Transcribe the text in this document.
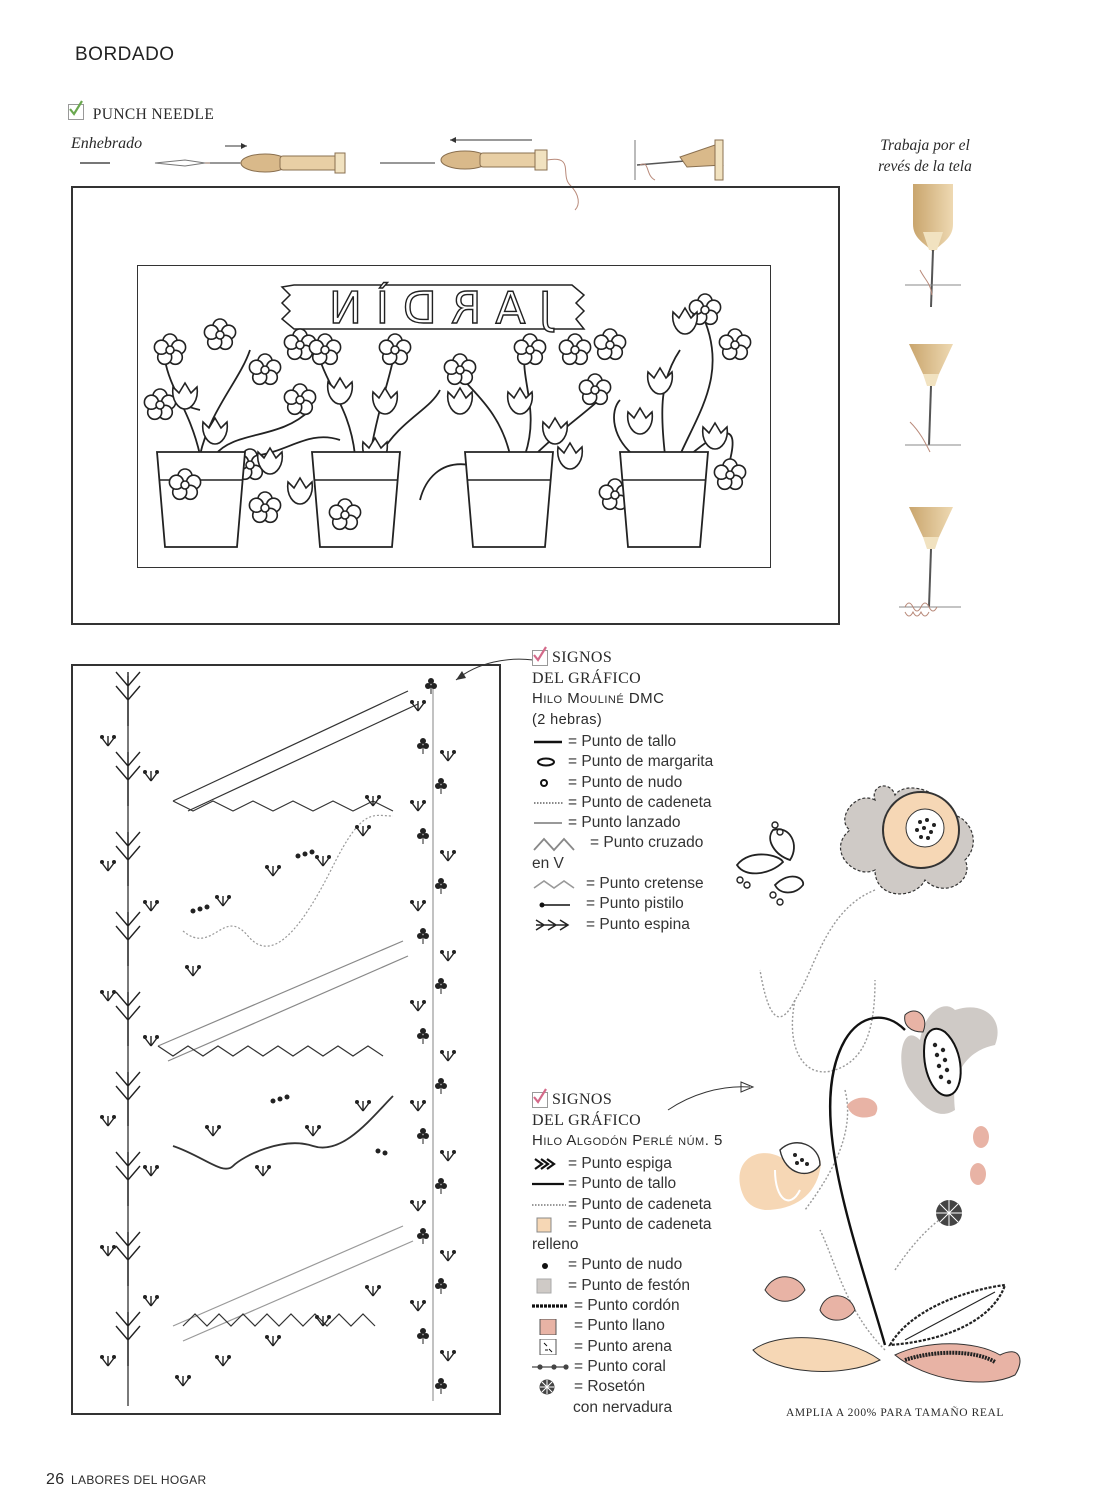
BORDADO
PUNCH NEEDLE
Enhebrado	Trabaja por el
revés de la tela
JARDÌN
SIGNOS
DEL GRÁFICO
Hilo Mouliné DMC
(2 hebras)
= Punto de tallo
= Punto de margarita
= Punto de nudo
= Punto de cadeneta
= Punto lanzado
= Punto cruzado
en V
= Punto cretense
= Punto pistilo
= Punto espina
SIGNOS
DEL GRÁFICO
Hilo Algodón Perlé núm. 5
= Punto espiga
= Punto de tallo
= Punto de cadeneta
= Punto de cadeneta
relleno
= Punto de nudo
= Punto de festón
= Punto cordón
= Punto llano
= Punto arena
= Punto coral
= Rosetón
con nervadura	AMPLIA A 200% PARA TAMAÑO REAL
26 LABORES DEL HOGAR
